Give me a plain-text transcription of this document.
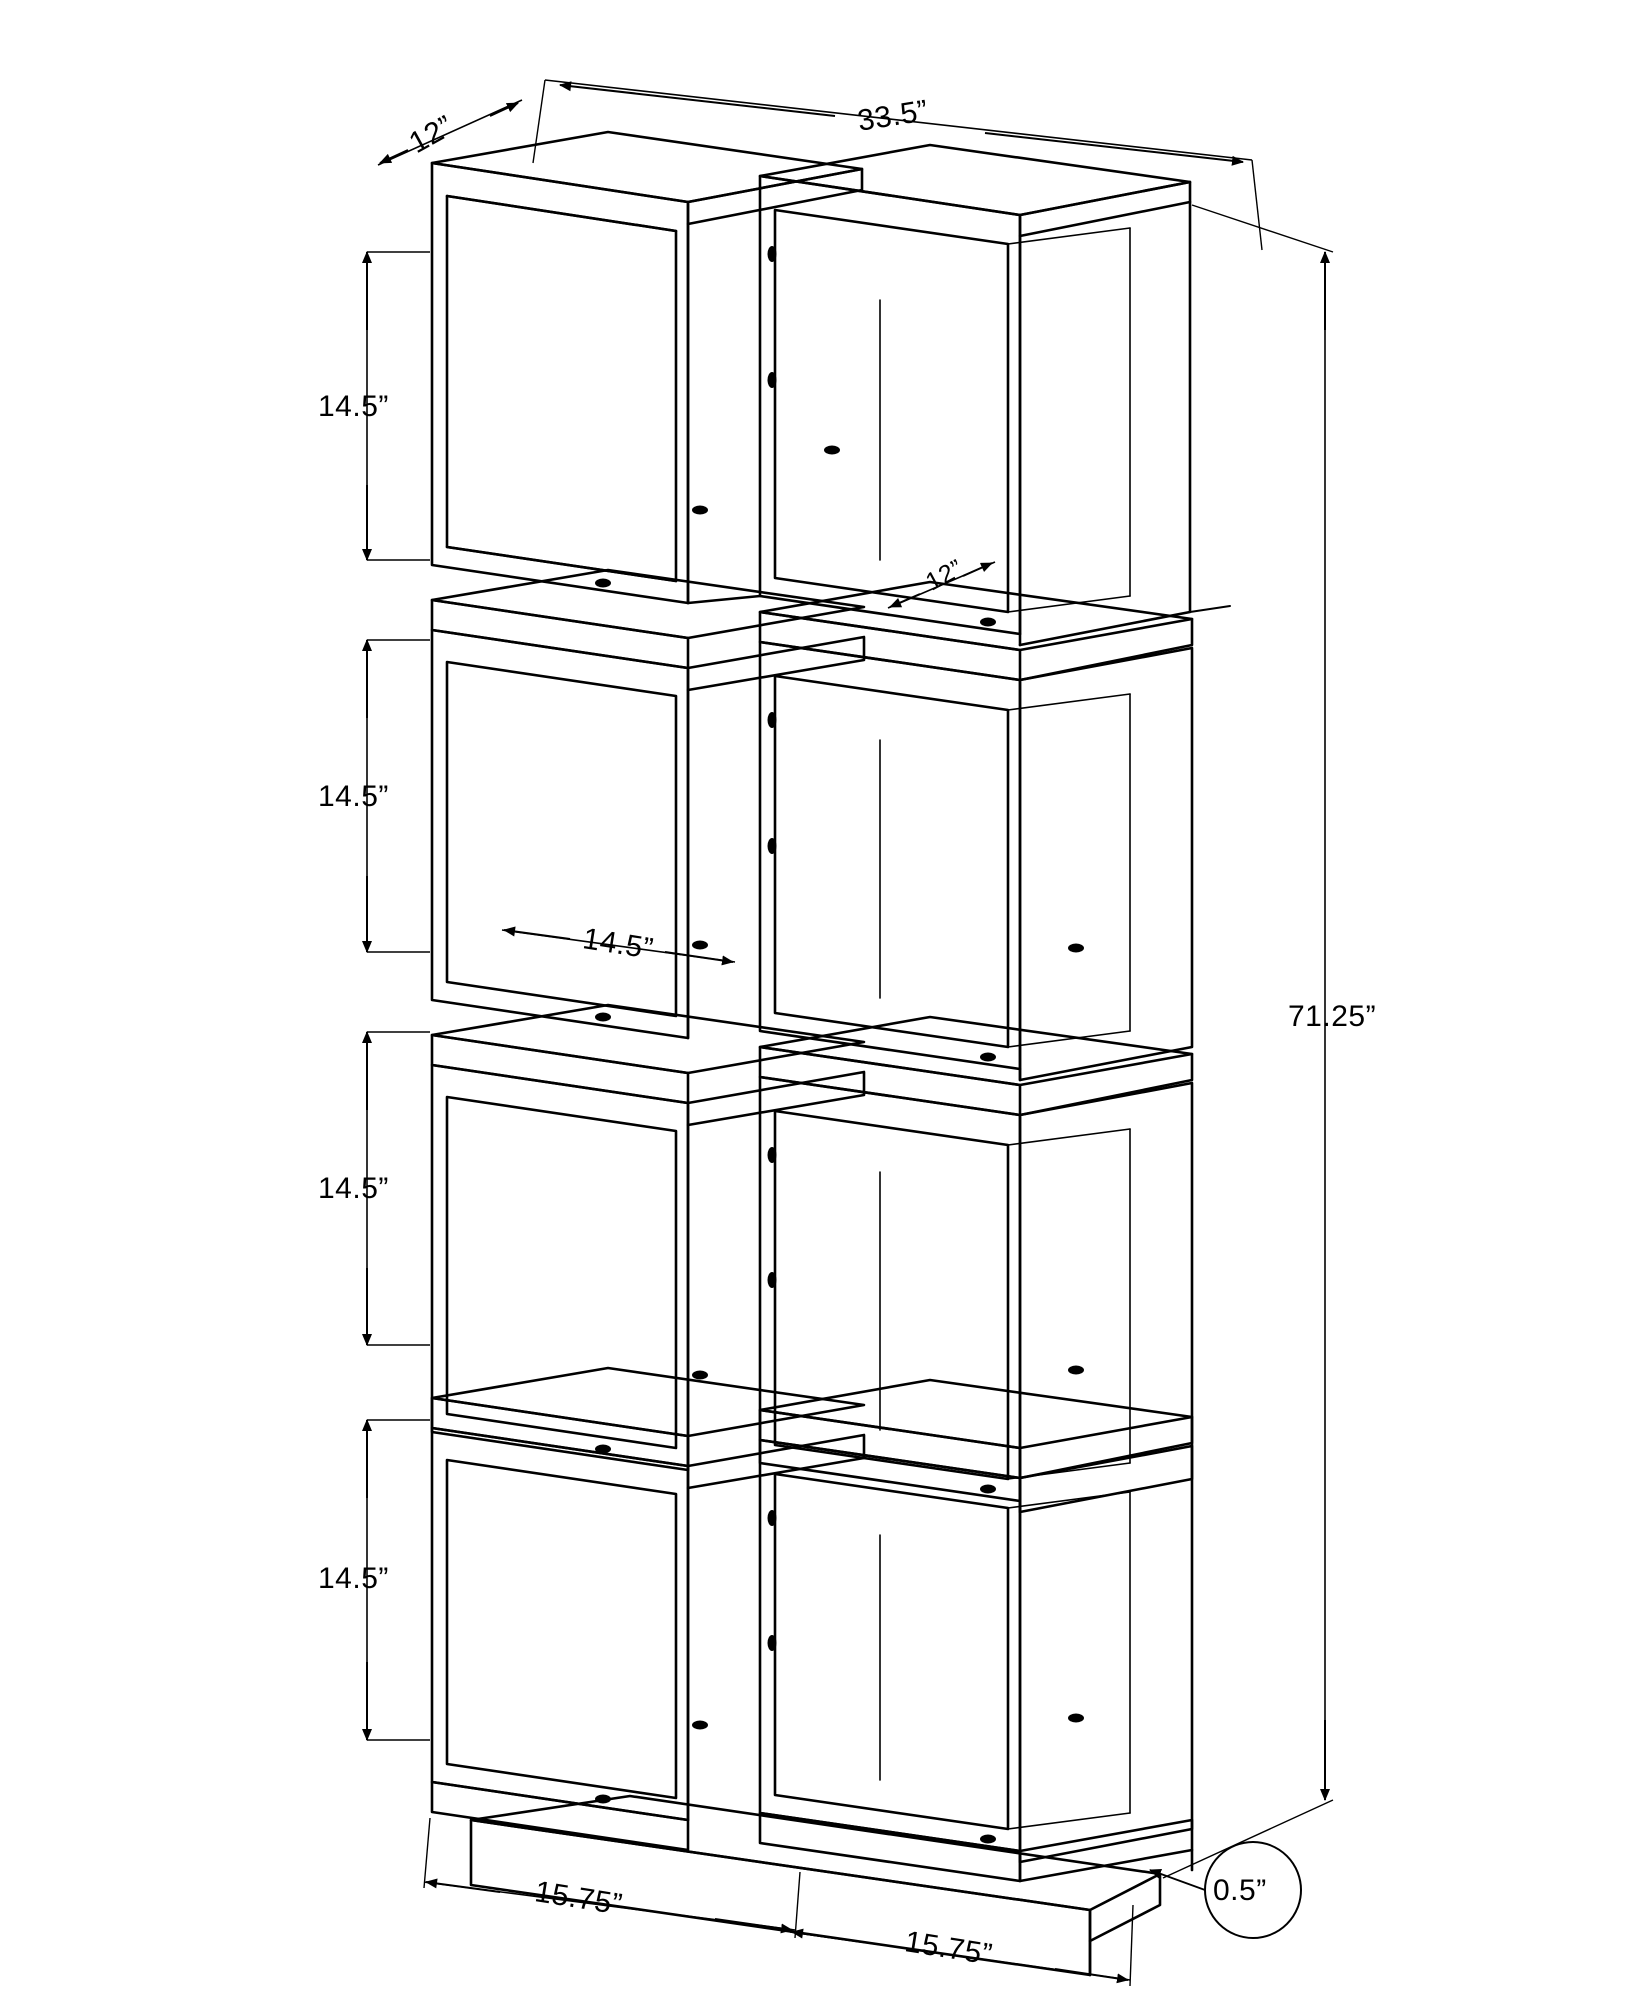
33.5”
12”
71.25”
14.5”
14.5”
14.5”
14.5”
12”
14.5”
15.75”
15.75”
0.5”
